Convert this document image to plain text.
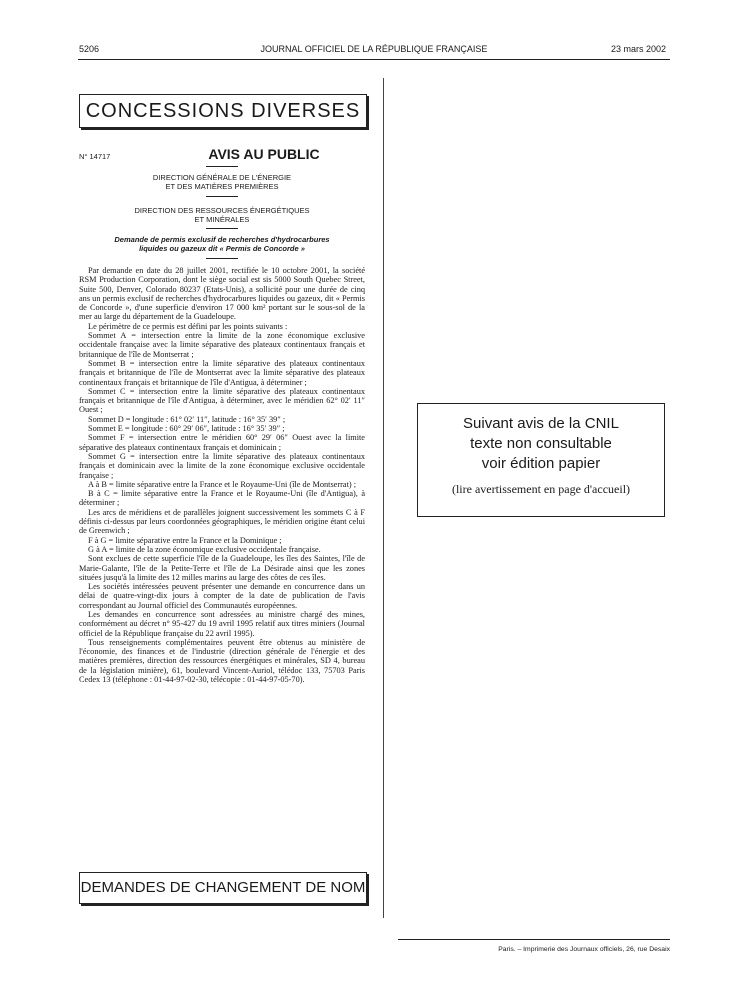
5206	JOURNAL OFFICIEL DE LA RÉPUBLIQUE FRANÇAISE	23 mars 2002
CONCESSIONS DIVERSES
N° 14717	AVIS AU PUBLIC
DIRECTION GÉNÉRALE DE L'ÉNERGIE
ET DES MATIÈRES PREMIÈRES
DIRECTION DES RESSOURCES ÉNERGÉTIQUES
ET MINÉRALES
Demande de permis exclusif de recherches d'hydrocarbures
liquides ou gazeux dit « Permis de Concorde »

Par demande en date du 28 juillet 2001, rectifiée le 10 octobre 2001, la société RSM Production Corporation, dont le siège social est sis 5000 South Quebec Street, Suite 500, Denver, Colorado 80237 (Etats-Unis), a sollicité pour une durée de cinq ans un permis exclusif de recherches d'hydrocarbures liquides ou gazeux, dit « Permis de Concorde », d'une superficie d'environ 17 000 km² portant sur le sous-sol de la mer au large du département de la Guadeloupe.

Le périmètre de ce permis est défini par les points suivants :

Sommet A = intersection entre la limite de la zone économique exclusive occidentale française avec la limite séparative des plateaux continentaux français et britannique de l'île de Montserrat ;

Sommet B = intersection entre la limite séparative des plateaux continentaux français et britannique de l'île de Montserrat avec la limite séparative des plateaux continentaux français et britannique de l'île d'Antigua, à déterminer ;

Sommet C = intersection entre la limite séparative des plateaux continentaux français et britannique de l'île d'Antigua, à déterminer, avec le méridien 62° 02′ 11″ Ouest ;

Sommet D = longitude : 61° 02′ 11″, latitude : 16° 35′ 39″ ;

Sommet E = longitude : 60° 29′ 06″, latitude : 16° 35′ 39″ ;

Sommet F = intersection entre le méridien 60° 29′ 06″ Ouest avec la limite séparative des plateaux continentaux français et dominicain ;

Sommet G = intersection entre la limite séparative des plateaux continentaux français et dominicain avec la limite de la zone économique exclusive occidentale française ;

A à B = limite séparative entre la France et le Royaume-Uni (île de Montserrat) ;

B à C = limite séparative entre la France et le Royaume-Uni (île d'Antigua), à déterminer ;

Les arcs de méridiens et de parallèles joignent successivement les sommets C à F définis ci-dessus par leurs coordonnées géographiques, le méridien origine étant celui de Greenwich ;

F à G = limite séparative entre la France et la Dominique ;

G à A = limite de la zone économique exclusive occidentale française.

Sont exclues de cette superficie l'île de la Guadeloupe, les îles des Saintes, l'île de Marie-Galante, l'île de la Petite-Terre et l'île de La Désirade ainsi que les zones situées jusqu'à la limite des 12 milles marins au large des côtes de ces îles.

Les sociétés intéressées peuvent présenter une demande en concurrence dans un délai de quatre-vingt-dix jours à compter de la date de publication de l'avis correspondant au Journal officiel des Communautés européennes.

Les demandes en concurrence sont adressées au ministre chargé des mines, conformément au décret n° 95-427 du 19 avril 1995 relatif aux titres miniers (Journal officiel de la République française du 22 avril 1995).

Tous renseignements complémentaires peuvent être obtenus au ministère de l'économie, des finances et de l'industrie (direction générale de l'énergie et des matières premières, direction des ressources énergétiques et minérales, SD 4, bureau de la législation minière), 61, boulevard Vincent-Auriol, télédoc 133, 75703 Paris Cedex 13 (téléphone : 01-44-97-02-30, télécopie : 01-44-97-05-70).

DEMANDES DE CHANGEMENT DE NOM
Suivant avis de la CNIL
texte non consultable
voir édition papier
(lire avertissement en page d'accueil)
Paris. – Imprimerie des Journaux officiels, 26, rue Desaix
